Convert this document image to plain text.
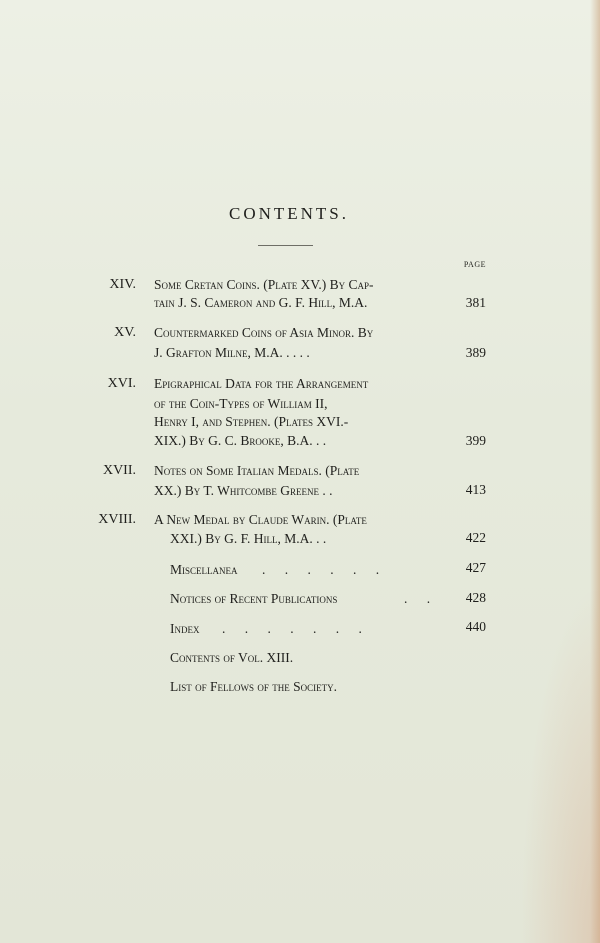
CONTENTS.
PAGE
XIV. Some Cretan Coins. (Plate XV.) By Cap-
tain J. S. Cameron and G. F. Hill, M.A.	381
XV. Countermarked Coins of Asia Minor. By
J. Grafton Milne, M.A. . . . .	389
XVI. Epigraphical Data for the Arrangement
of the Coin-Types of William II,
Henry I, and Stephen. (Plates XVI.-
XIX.) By G. C. Brooke, B.A. . .	399
XVII. Notes on Some Italian Medals. (Plate
XX.) By T. Whitcombe Greene . .	413
XVIII. A New Medal by Claude Warin. (Plate
XXI.) By G. F. Hill, M.A. . .	422
Miscellanea . . . . . .	427
Notices of Recent Publications	. .	428
Index . . . . . . .	440
Contents of Vol. XIII.
List of Fellows of the Society.
